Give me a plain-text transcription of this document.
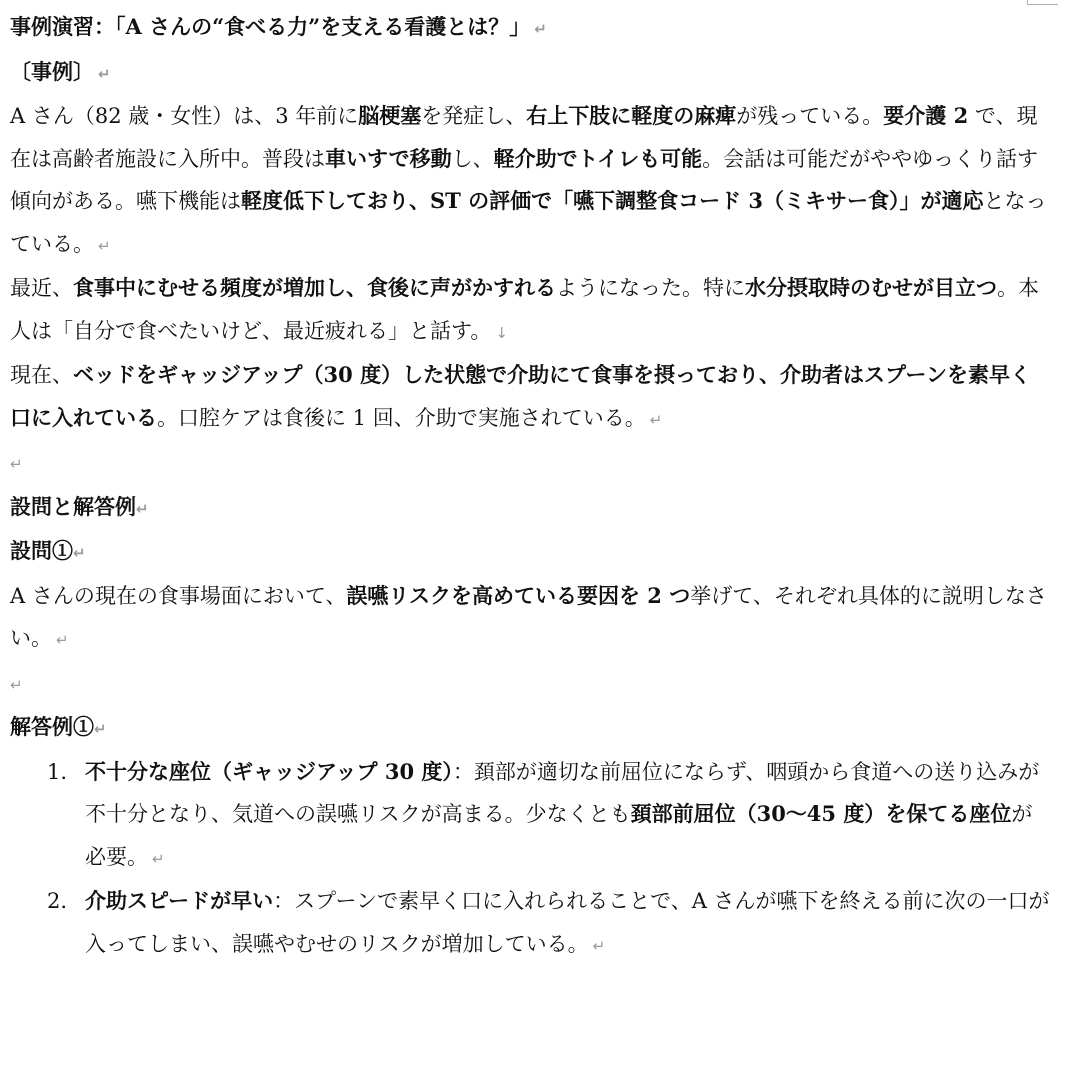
事例演習：「A さんの“食べる力”を支える看護とは？」 ↵

〔事例〕 ↵

A さん（82 歳・女性）は、3 年前に脳梗塞を発症し、右上下肢に軽度の麻痺が残っている。要介護 2 で、現在は高齢者施設に入所中。普段は車いすで移動し、軽介助でトイレも可能。会話は可能だがややゆっくり話す傾向がある。嚥下機能は軽度低下しており、ST の評価で「嚥下調整食コード 3（ミキサー食）」が適応となっている。 ↵

最近、食事中にむせる頻度が増加し、食後に声がかすれるようになった。特に水分摂取時のむせが目立つ。本人は「自分で食べたいけど、最近疲れる」と話す。 ↓

現在、ベッドをギャッジアップ（30 度）した状態で介助にて食事を摂っており、介助者はスプーンを素早く口に入れている。口腔ケアは食後に 1 回、介助で実施されている。 ↵

↵

設問と解答例↵

設問①↵

A さんの現在の食事場面において、誤嚥リスクを高めている要因を 2 つ挙げて、それぞれ具体的に説明しなさい。 ↵

↵

解答例①↵

1. 不十分な座位（ギャッジアップ 30 度）：頚部が適切な前屈位にならず、咽頭から食道への送り込みが不十分となり、気道への誤嚥リスクが高まる。少なくとも頚部前屈位（30〜45 度）を保てる座位が必要。 ↵
2. 介助スピードが早い：スプーンで素早く口に入れられることで、A さんが嚥下を終える前に次の一口が入ってしまい、誤嚥やむせのリスクが増加している。 ↵
